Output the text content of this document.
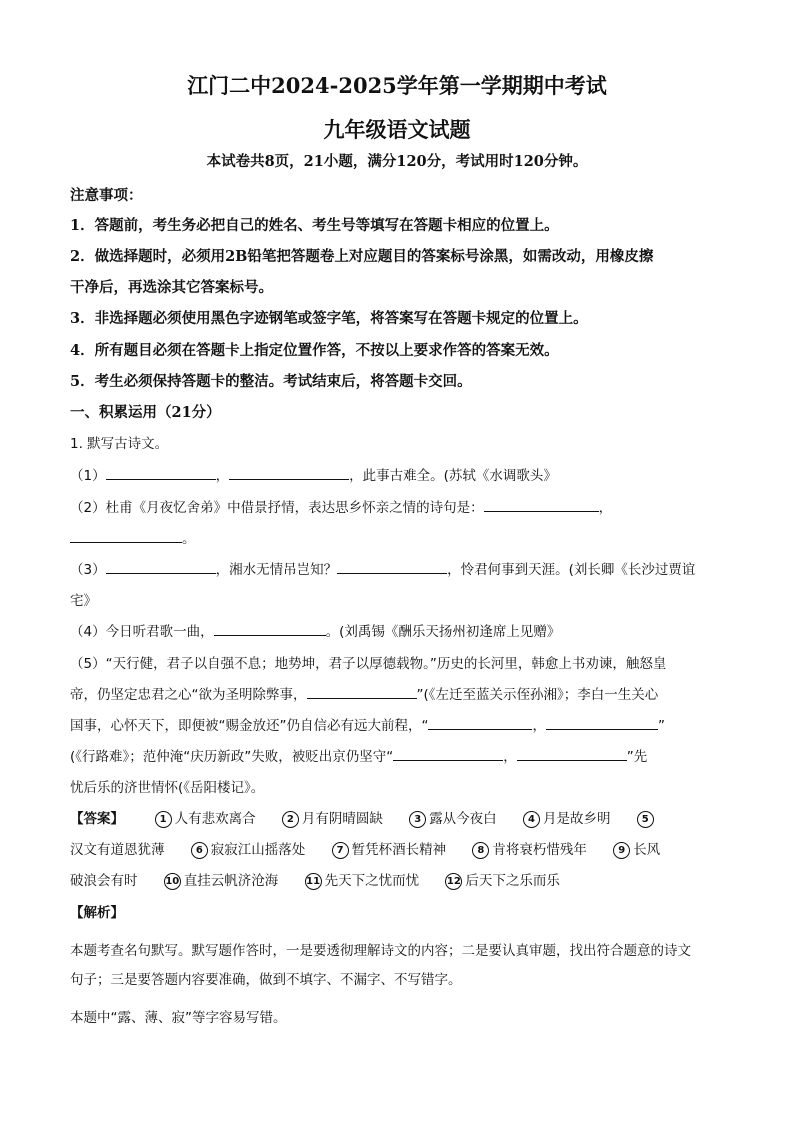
江门二中2024-2025学年第一学期期中考试
九年级语文试题
本试卷共8页，21小题，满分120分，考试用时120分钟。
注意事项：
1．答题前，考生务必把自己的姓名、考生号等填写在答题卡相应的位置上。
2．做选择题时，必须用2B铅笔把答题卷上对应题目的答案标号涂黑，如需改动，用橡皮擦
干净后，再选涂其它答案标号。
3．非选择题必须使用黑色字迹钢笔或签字笔，将答案写在答题卡规定的位置上。
4．所有题目必须在答题卡上指定位置作答，不按以上要求作答的答案无效。
5．考生必须保持答题卡的整洁。考试结束后，将答题卡交回。
一、积累运用（21分）
1. 默写古诗文。
（1）	，	，此事古难全。(苏轼《水调歌头》
（2）杜甫《月夜忆舍弟》中借景抒情，表达思乡怀亲之情的诗句是：	，
。
（3）	，湘水无情吊岂知？	，怜君何事到天涯。(刘长卿《长沙过贾谊
宅》
（4）今日听君歌一曲，	。(刘禹锡《酬乐天扬州初逢席上见赠》
（5）“天行健，君子以自强不息；地势坤，君子以厚德载物。”历史的长河里，韩愈上书劝谏，触怒皇
帝，仍坚定忠君之心“欲为圣明除弊事，	”(《左迁至蓝关示侄孙湘》；李白一生关心
国事，心怀天下，即便被“赐金放还”仍自信必有远大前程，“	，	”
(《行路难》；范仲淹“庆历新政”失败，被贬出京仍坚守“	，	”先
忧后乐的济世情怀(《岳阳楼记》。
【答案】	1 人有悲欢离合	2 月有阴晴圆缺	3 露从今夜白	4 月是故乡明	5
汉文有道恩犹薄	6 寂寂江山摇落处	7 暂凭杯酒长精神	8 肯将衰朽惜残年	9 长风
破浪会有时	10 直挂云帆济沧海	11 先天下之忧而忧	12 后天下之乐而乐
【解析】
本题考查名句默写。默写题作答时，一是要透彻理解诗文的内容；二是要认真审题，找出符合题意的诗文
句子；三是要答题内容要准确，做到不填字、不漏字、不写错字。
本题中“露、薄、寂”等字容易写错。
